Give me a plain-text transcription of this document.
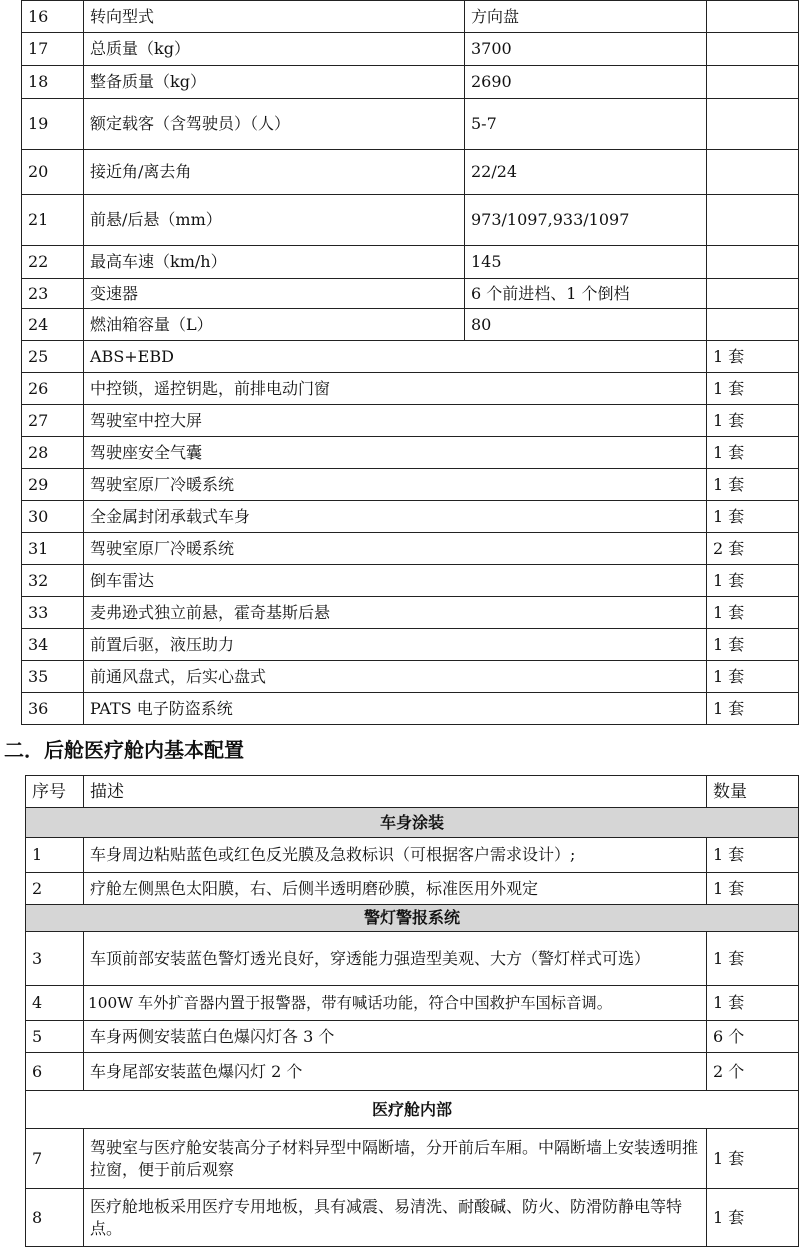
16	转向型式	方向盘	
17	总质量（kg）	3700	
18	整备质量（kg）	2690	
19	额定载客（含驾驶员）（人）	5-7	
20	接近角/离去角	22/24	
21	前悬/后悬（mm）	973/1097,933/1097	
22	最高车速（km/h）	145	
23	变速器	6 个前进档、1 个倒档	
24	燃油箱容量（L）	80	
25	ABS+EBD		1 套
26	中控锁，遥控钥匙，前排电动门窗		1 套
27	驾驶室中控大屏		1 套
28	驾驶座安全气囊		1 套
29	驾驶室原厂冷暖系统		1 套
30	全金属封闭承载式车身		1 套
31	驾驶室原厂冷暖系统		2 套
32	倒车雷达		1 套
33	麦弗逊式独立前悬，霍奇基斯后悬		1 套
34	前置后驱，液压助力		1 套
35	前通风盘式，后实心盘式		1 套
36	PATS 电子防盗系统		1 套
二．后舱医疗舱内基本配置
序号	描述	数量
车身涂装		
1	车身周边粘贴蓝色或红色反光膜及急救标识（可根据客户需求设计）;	1 套
2	疗舱左侧黑色太阳膜，右、后侧半透明磨砂膜，标准医用外观定	1 套
警灯警报系统		
3	车顶前部安装蓝色警灯透光良好，穿透能力强造型美观、大方（警灯样式可选）	1 套
4	100W 车外扩音器内置于报警器，带有喊话功能，符合中国救护车国标音调。	1 套
5	车身两侧安装蓝白色爆闪灯各 3 个	6 个
6	车身尾部安装蓝色爆闪灯 2 个	2 个
医疗舱内部		
7	驾驶室与医疗舱安装高分子材料异型中隔断墙，分开前后车厢。中隔断墙上安装透明推拉窗，便于前后观察	1 套
8	医疗舱地板采用医疗专用地板，具有减震、易清洗、耐酸碱、防火、防滑防静电等特点。	1 套
